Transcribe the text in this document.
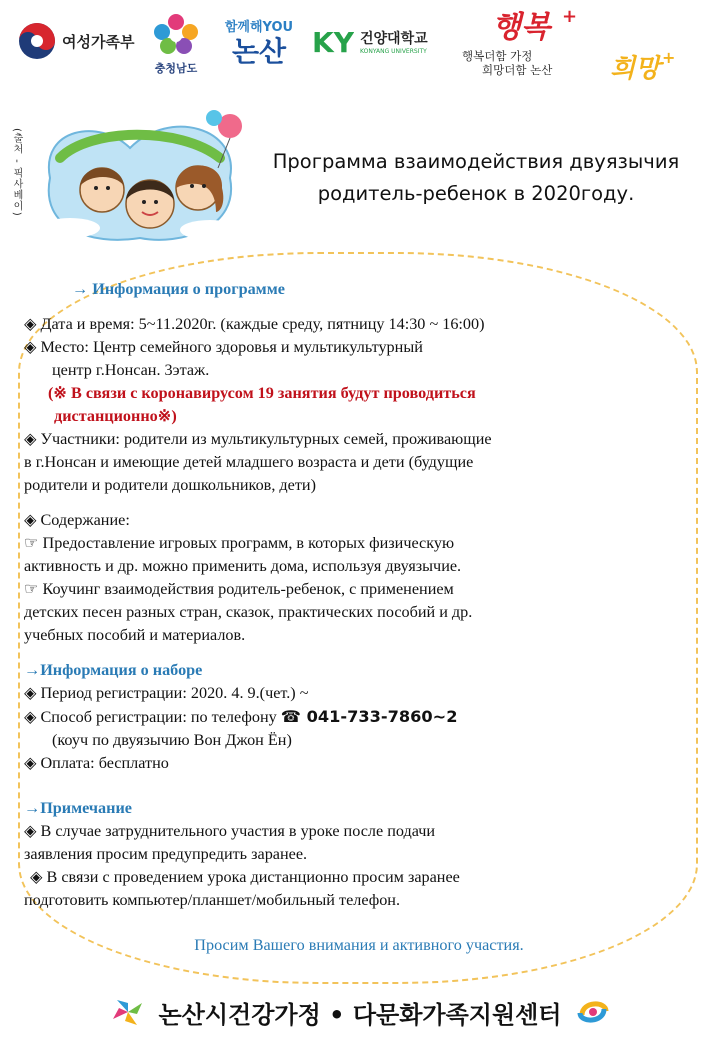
여성가족부
충청남도
함께해YOU
논산 KY 건양대학교
KONYANG UNIVERSITY
행복 +
행복더함 가정
희망더함 논산 희망 +
(출처 - 픽사베이)	Программа взаимодействия двуязычия
родитель-ребенок в 2020году.

→ Информация о программе

◈ Дата и время: 5~11.2020г. (каждые среду, пятницу 14:30 ~ 16:00)

◈ Место: Центр семейного здоровья и мультикультурный

центр г.Нонсан. 3этаж.

(※ В связи с коронавирусом 19 занятия будут проводиться

дистанционно※)

◈ Участники: родители из мультикультурных семей, проживающие

в г.Нонсан и имеющие детей младшего возраста и дети (будущие

родители и родители дошкольников, дети)

◈ Содержание:

☞ Предоставление игровых программ, в которых физическую

активность и др. можно применить дома, используя двуязычие.

☞ Коучинг взаимодействия родитель-ребенок, с применением

детских песен разных стран, сказок, практических пособий и др.

учебных пособий и материалов.

→Информация о наборе

◈ Период регистрации: 2020. 4. 9.(чет.) ~

◈ Способ регистрации: по телефону ☎ 041-733-7860~2

(коуч по двуязычию Вон Джон Ён)

◈ Оплата: бесплатно

→Примечание

◈ В случае затруднительного участия в уроке после подачи

заявления просим предупредить заранее.

◈ В связи с проведением урока дистанционно просим заранее

подготовить компьютер/планшет/мобильный телефон.

Просим Вашего внимания и активного участия.

논산시건강가정 • 다문화가족지원센터
